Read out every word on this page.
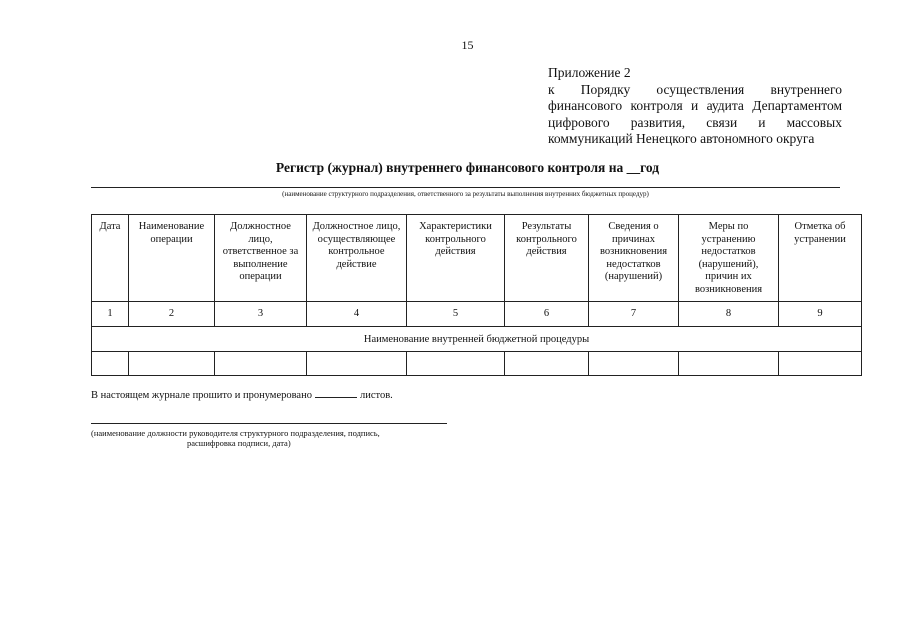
15
Приложение 2
к Порядку осуществления внутреннего
финансового контроля и аудита Департаментом
цифрового развития, связи и массовых
коммуникаций Ненецкого автономного округа
Регистр (журнал) внутреннего финансового контроля на __год
(наименование структурного подразделения, ответственного за результаты выполнения внутренних бюджетных процедур)
Дата	Наименование операции	Должностное лицо, ответственное за выполнение операции	Должностное лицо, осуществляющее контрольное действие	Характеристики контрольного действия	Результаты контрольного действия	Сведения о причинах возникновения недостатков (нарушений)	Меры по устранению недостатков (нарушений), причин их возникновения	Отметка об устранении
1	2	3	4	5	6	7	8	9
Наименование внутренней бюджетной процедуры								

В настоящем журнале прошито и пронумеровано	листов.
(наименование должности руководителя структурного подразделения, подпись,
расшифровка подписи, дата)
